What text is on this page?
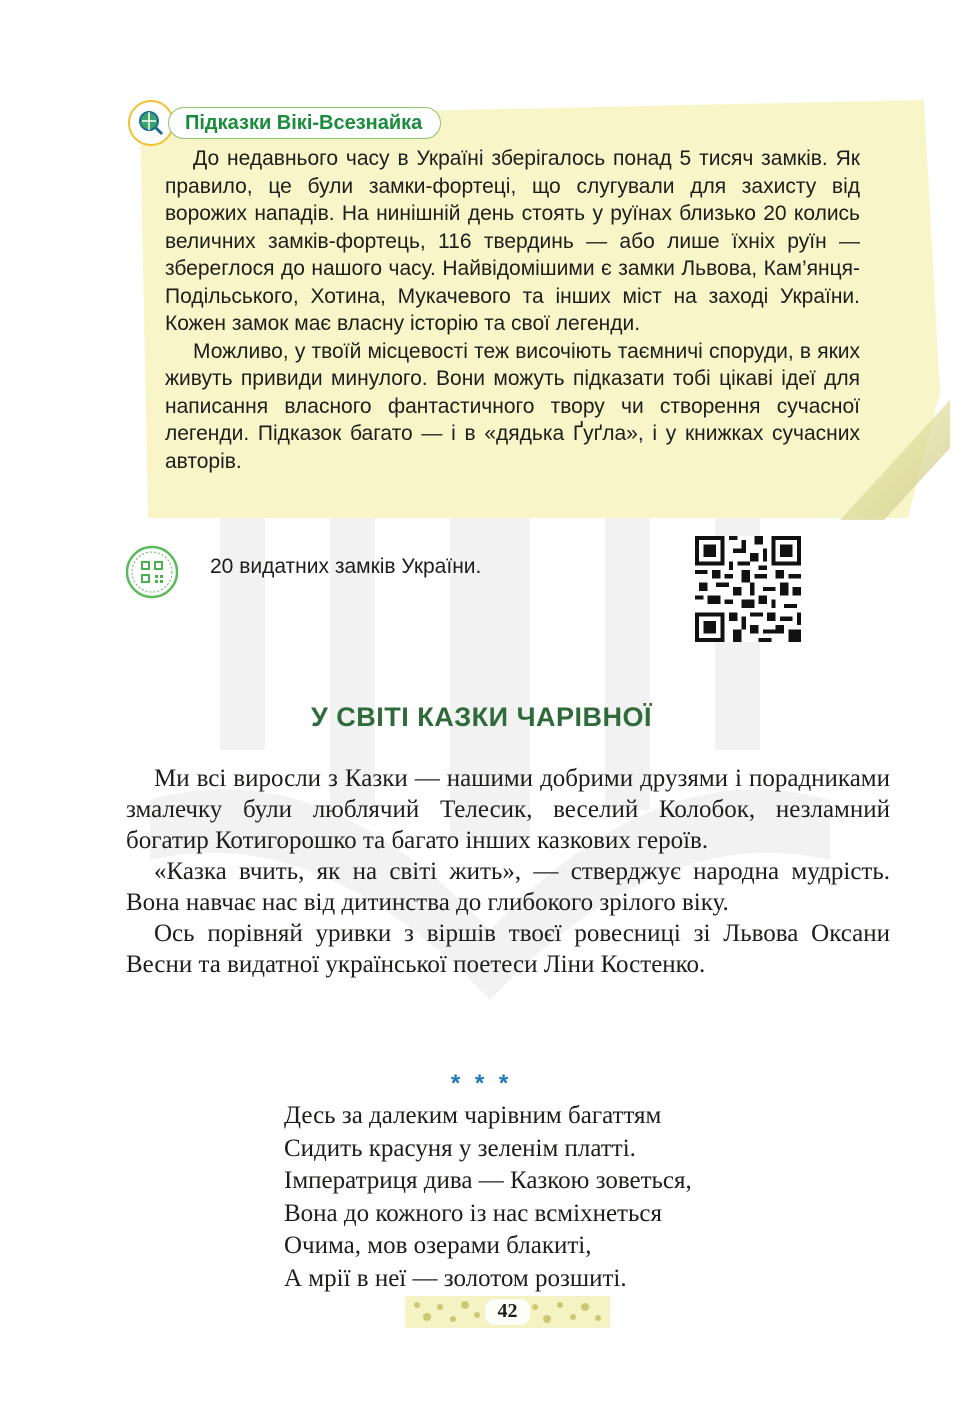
Підказки Вікі-Всезнайка

До недавнього часу в Україні зберігалось понад 5 тисяч замків. Як правило, це були замки-фортеці, що слугували для захисту від ворожих нападів. На нинішній день стоять у руїнах близько 20 колись величних замків-фортець, 116 твердинь — або лише їхніх руїн — збереглося до нашого часу. Найвідомішими є замки Львова, Кам’янця-Подільського, Хотина, Мукачевого та інших міст на заході України. Кожен замок має власну історію та свої легенди.

Можливо, у твоїй місцевості теж височіють таємничі споруди, в яких живуть привиди минулого. Вони можуть підказати тобі цікаві ідеї для написання власного фантастичного твору чи створення сучасної легенди. Підказок багато — і в «дядька Ґуґла», і у книжках сучасних авторів.

20 видатних замків України.
У СВІТІ КАЗКИ ЧАРІВНОЇ

Ми всі виросли з Казки — нашими добрими друзями і порадниками змалечку були люблячий Телесик, веселий Колобок, незламний богатир Котигорошко та багато інших казкових героїв.

«Казка вчить, як на світі жить», — стверджує народна мудрість. Вона навчає нас від дитинства до глибокого зрілого віку.

Ось порівняй уривки з віршів твоєї ровесниці зі Львова Оксани Весни та видатної української поетеси Ліни Костенко.

* * *
Десь за далеким чарівним багаттям
Сидить красуня у зеленім платті.
Імператриця дива — Казкою зоветься,
Вона до кожного із нас всміхнеться
Очима, мов озерами блакиті,
А мрії в неї — золотом розшиті.
42
